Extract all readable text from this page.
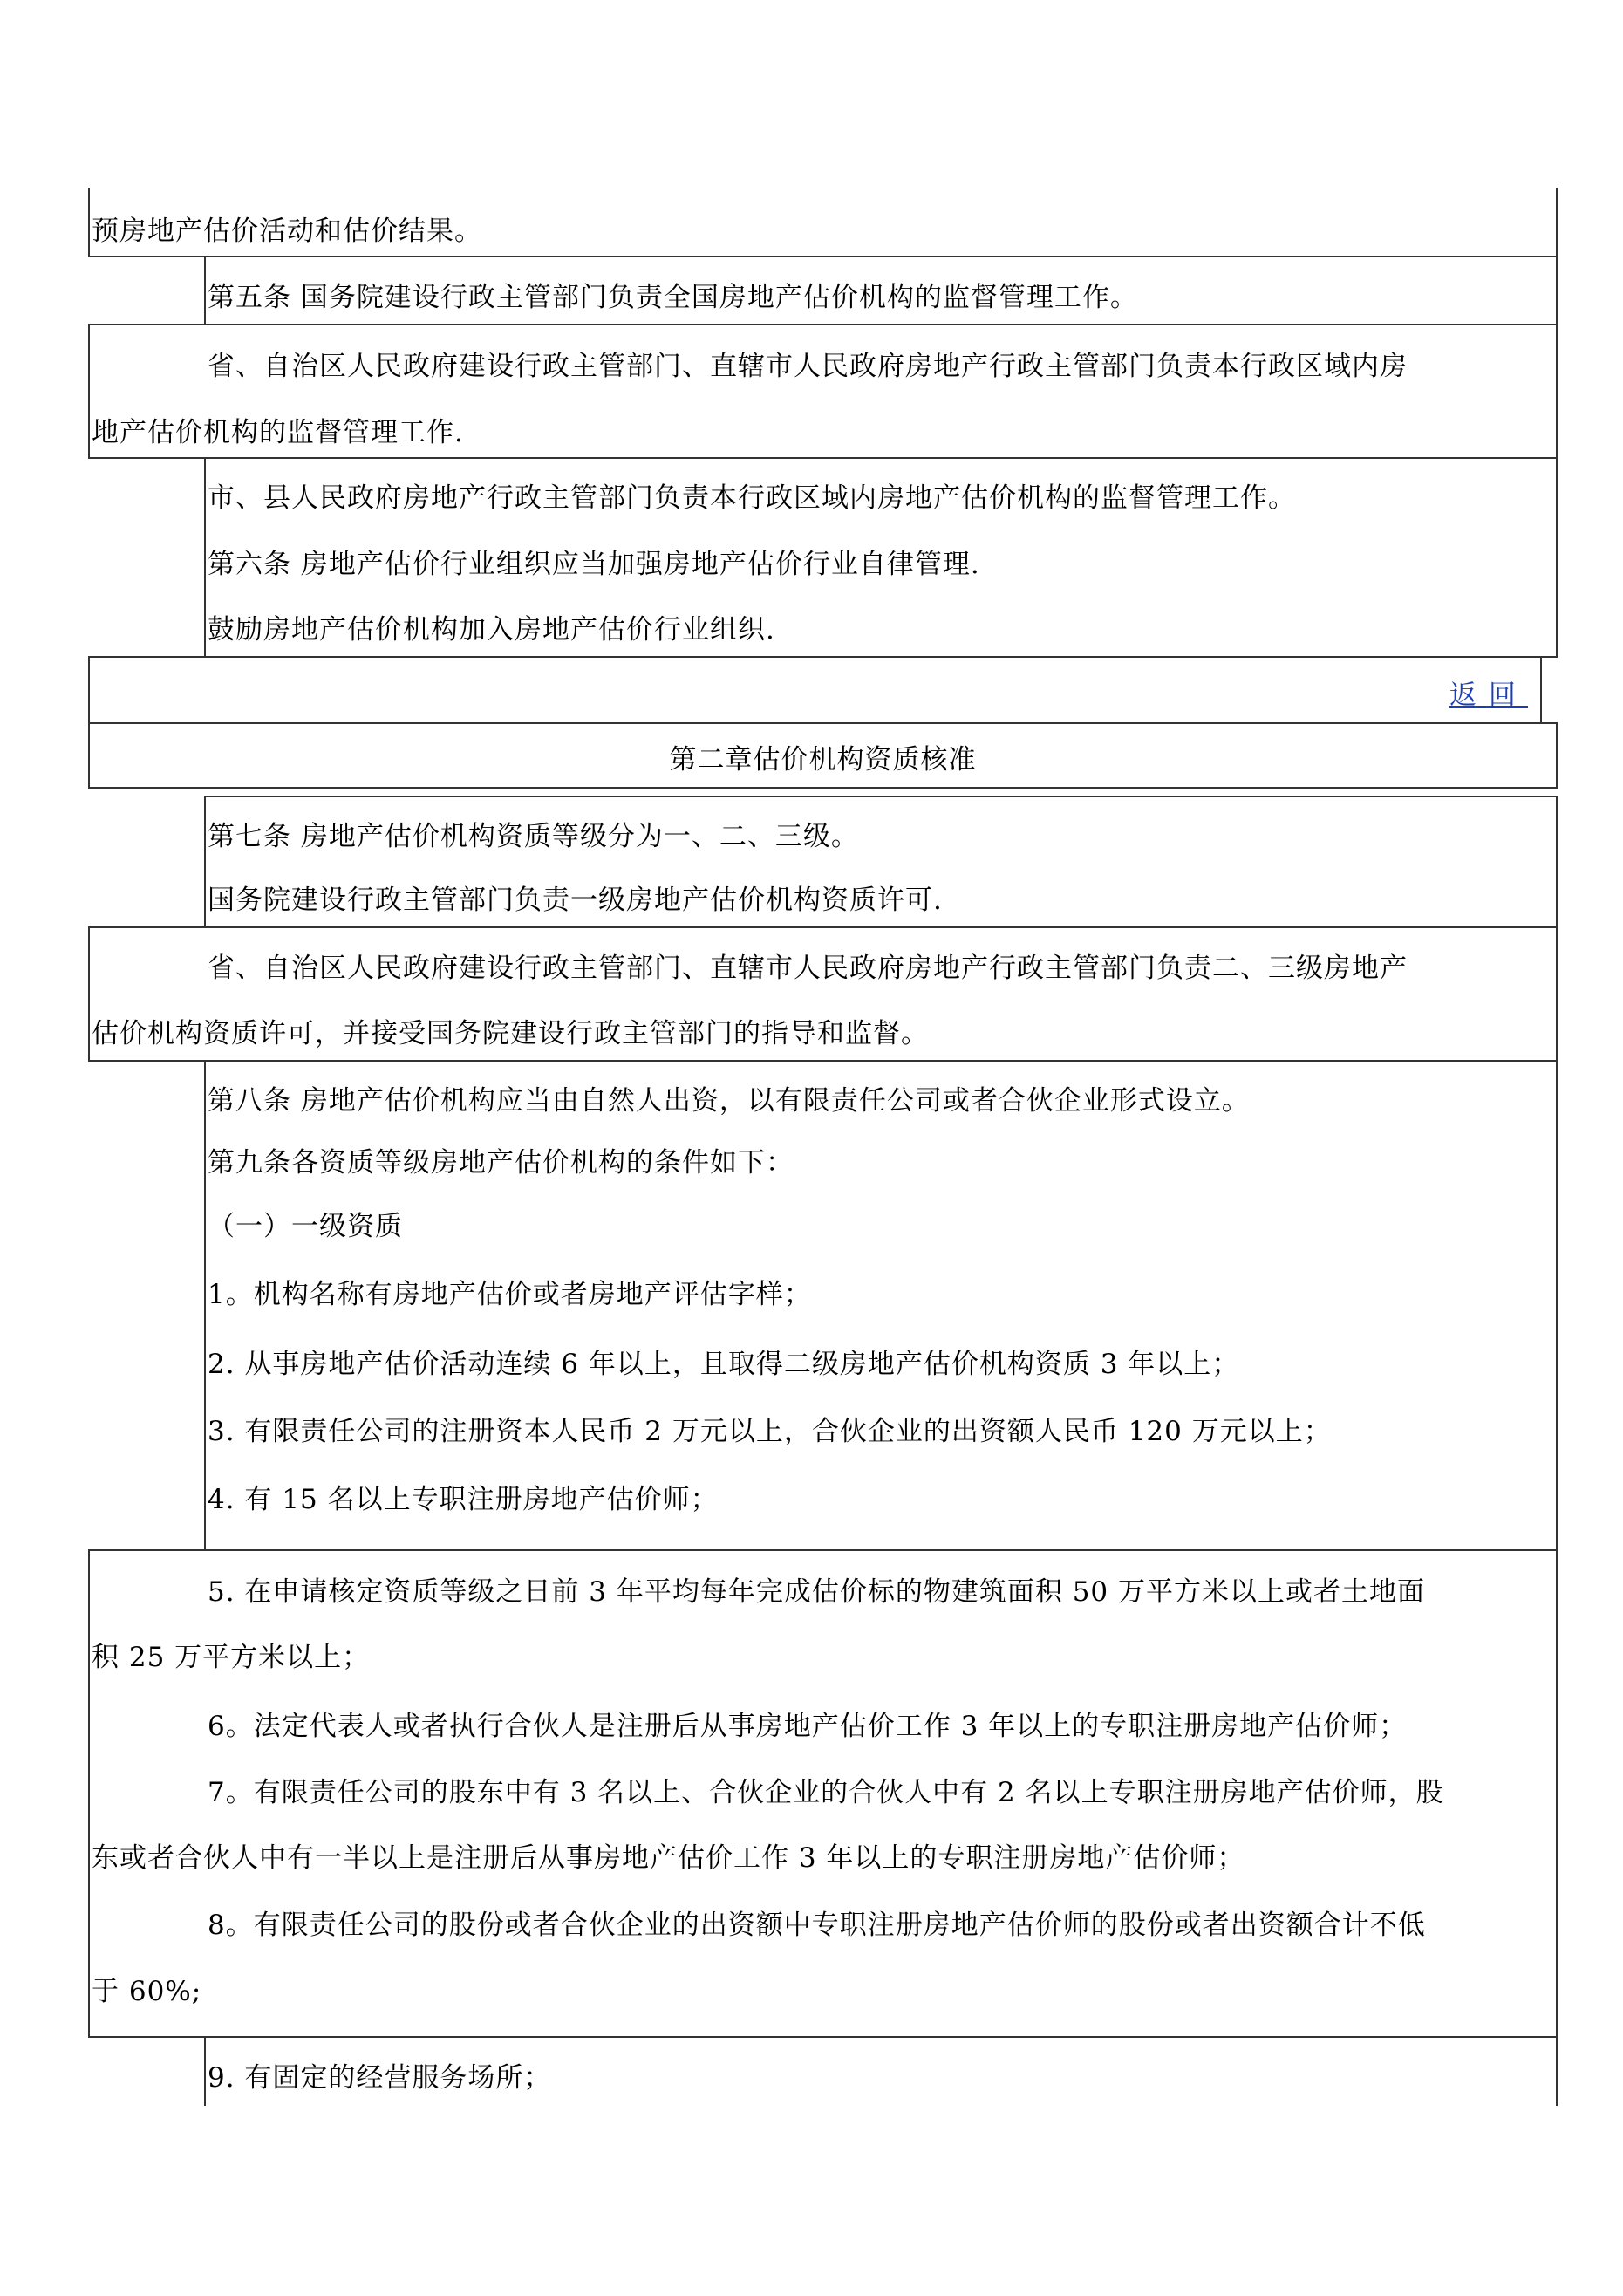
预房地产估价活动和估价结果。
第五条 国务院建设行政主管部门负责全国房地产估价机构的监督管理工作。
省、自治区人民政府建设行政主管部门、直辖市人民政府房地产行政主管部门负责本行政区域内房
地产估价机构的监督管理工作.
市、县人民政府房地产行政主管部门负责本行政区域内房地产估价机构的监督管理工作。
第六条 房地产估价行业组织应当加强房地产估价行业自律管理.
鼓励房地产估价机构加入房地产估价行业组织.
返回
第二章估价机构资质核准
第七条 房地产估价机构资质等级分为一、二、三级。
国务院建设行政主管部门负责一级房地产估价机构资质许可.
省、自治区人民政府建设行政主管部门、直辖市人民政府房地产行政主管部门负责二、三级房地产
估价机构资质许可，并接受国务院建设行政主管部门的指导和监督。
第八条 房地产估价机构应当由自然人出资，以有限责任公司或者合伙企业形式设立。
第九条各资质等级房地产估价机构的条件如下：
（一）一级资质
1。机构名称有房地产估价或者房地产评估字样；
2. 从事房地产估价活动连续 6 年以上，且取得二级房地产估价机构资质 3 年以上；
3. 有限责任公司的注册资本人民币 2 万元以上，合伙企业的出资额人民币 120 万元以上；
4. 有 15 名以上专职注册房地产估价师；
5. 在申请核定资质等级之日前 3 年平均每年完成估价标的物建筑面积 50 万平方米以上或者土地面
积 25 万平方米以上；
6。法定代表人或者执行合伙人是注册后从事房地产估价工作 3 年以上的专职注册房地产估价师；
7。有限责任公司的股东中有 3 名以上、合伙企业的合伙人中有 2 名以上专职注册房地产估价师，股
东或者合伙人中有一半以上是注册后从事房地产估价工作 3 年以上的专职注册房地产估价师；
8。有限责任公司的股份或者合伙企业的出资额中专职注册房地产估价师的股份或者出资额合计不低
于 60%;
9. 有固定的经营服务场所；
